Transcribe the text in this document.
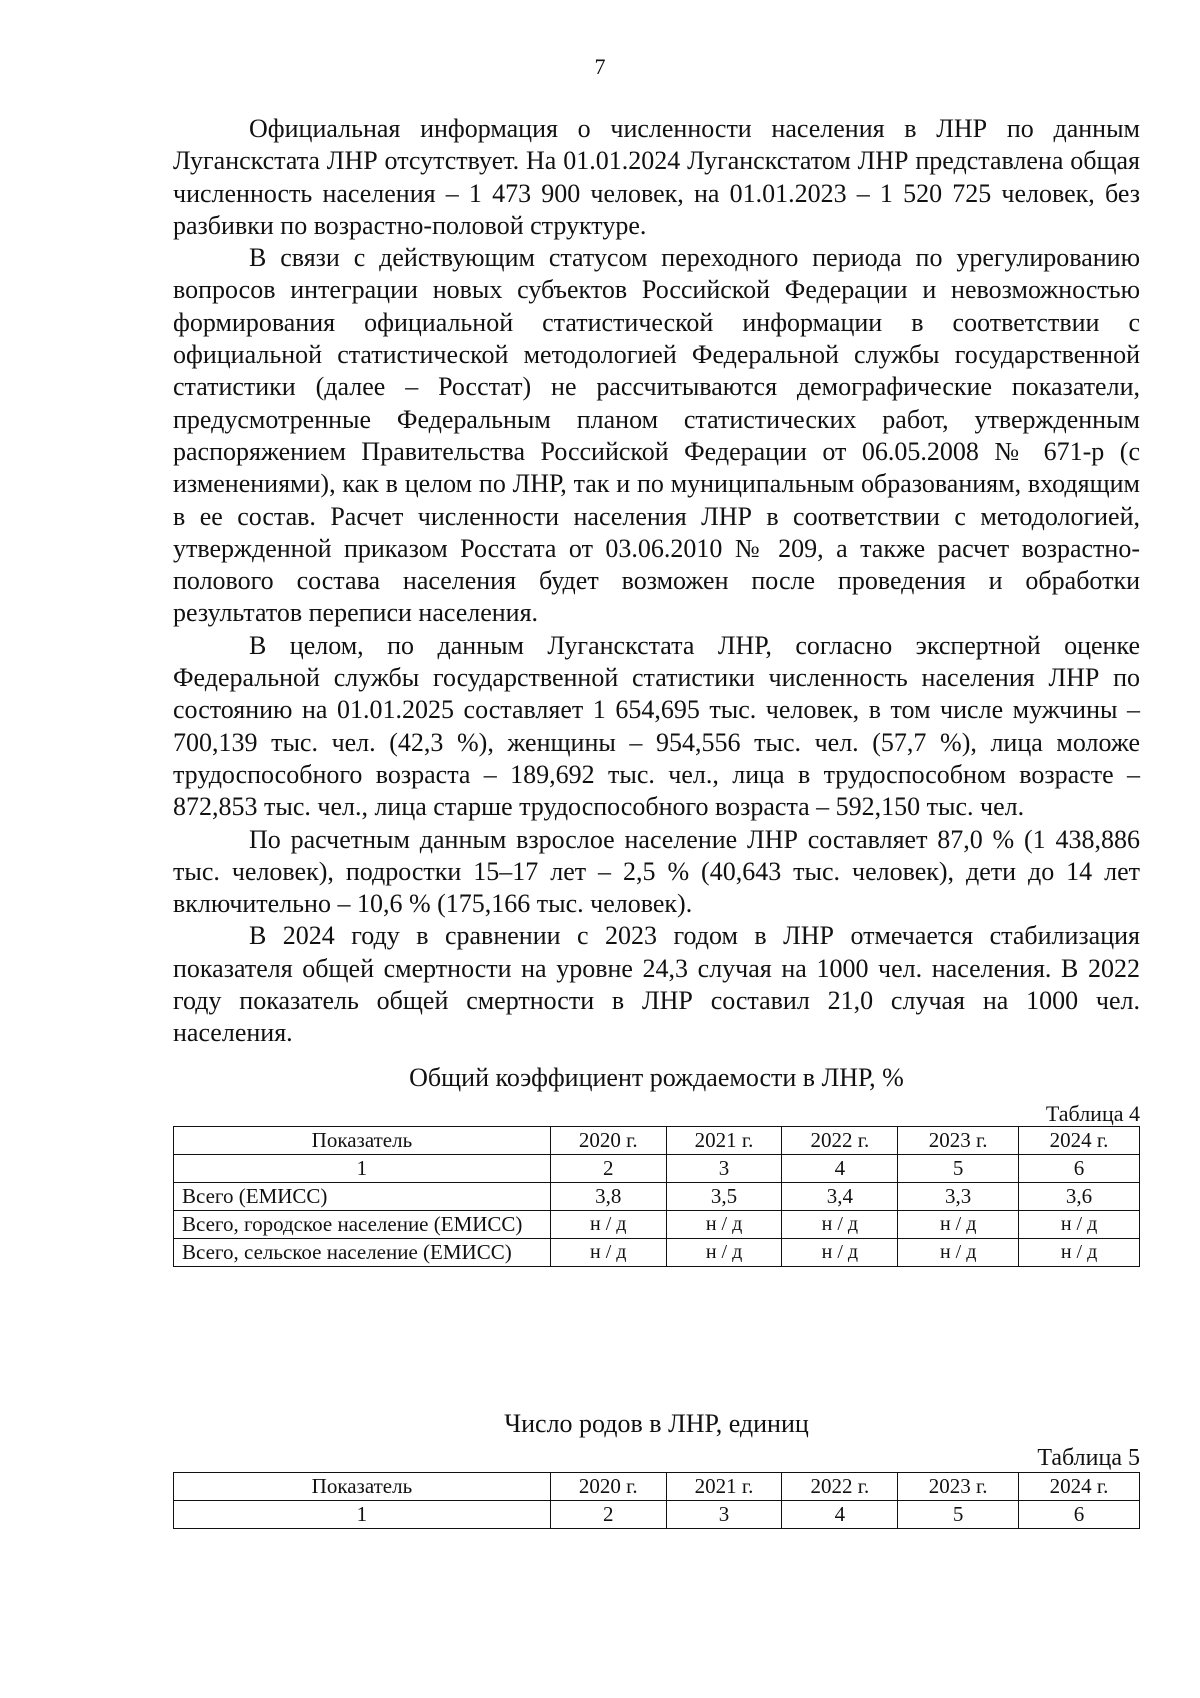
7

Официальная информация о численности населения в ЛНР по данным Луганскстата ЛНР отсутствует. На 01.01.2024 Луганскстатом ЛНР представлена общая численность населения – 1 473 900 человек, на 01.01.2023 – 1 520 725 человек, без разбивки по возрастно-половой структуре.

В связи с действующим статусом переходного периода по урегулированию вопросов интеграции новых субъектов Российской Федерации и невозможностью формирования официальной статистической информации в соответствии с официальной статистической методологией Федеральной службы государственной статистики (далее – Росстат) не рассчитываются демографические показатели, предусмотренные Федеральным планом статистических работ, утвержденным распоряжением Правительства Российской Федерации от 06.05.2008 № 671-р (с изменениями), как в целом по ЛНР, так и по муниципальным образованиям, входящим в ее состав. Расчет численности населения ЛНР в соответствии с методологией, утвержденной приказом Росстата от 03.06.2010 № 209, а также расчет возрастно-полового состава населения будет возможен после проведения и обработки результатов переписи населения.

В целом, по данным Луганскстата ЛНР, согласно экспертной оценке Федеральной службы государственной статистики численность населения ЛНР по состоянию на 01.01.2025 составляет 1 654,695 тыс. человек, в том числе мужчины – 700,139 тыс. чел. (42,3 %), женщины – 954,556 тыс. чел. (57,7 %), лица моложе трудоспособного возраста – 189,692 тыс. чел., лица в трудоспособном возрасте – 872,853 тыс. чел., лица старше трудоспособного возраста – 592,150 тыс. чел.

По расчетным данным взрослое население ЛНР составляет 87,0 % (1 438,886 тыс. человек), подростки 15–17 лет – 2,5 % (40,643 тыс. человек), дети до 14 лет включительно – 10,6 % (175,166 тыс. человек).

В 2024 году в сравнении с 2023 годом в ЛНР отмечается стабилизация показателя общей смертности на уровне 24,3 случая на 1000 чел. населения. В 2022 году показатель общей смертности в ЛНР составил 21,0 случая на 1000 чел. населения.

Общий коэффициент рождаемости в ЛНР, %
Таблица 4
Показатель	2020 г.	2021 г.	2022 г.	2023 г.	2024 г.
1	2	3	4	5	6
Всего (ЕМИСС)	3,8	3,5	3,4	3,3	3,6
Всего, городское население (ЕМИСС)	н / д	н / д	н / д	н / д	н / д
Всего, сельское население (ЕМИСС)	н / д	н / д	н / д	н / д	н / д
Число родов в ЛНР, единиц
Таблица 5
Показатель	2020 г.	2021 г.	2022 г.	2023 г.	2024 г.
1	2	3	4	5	6
